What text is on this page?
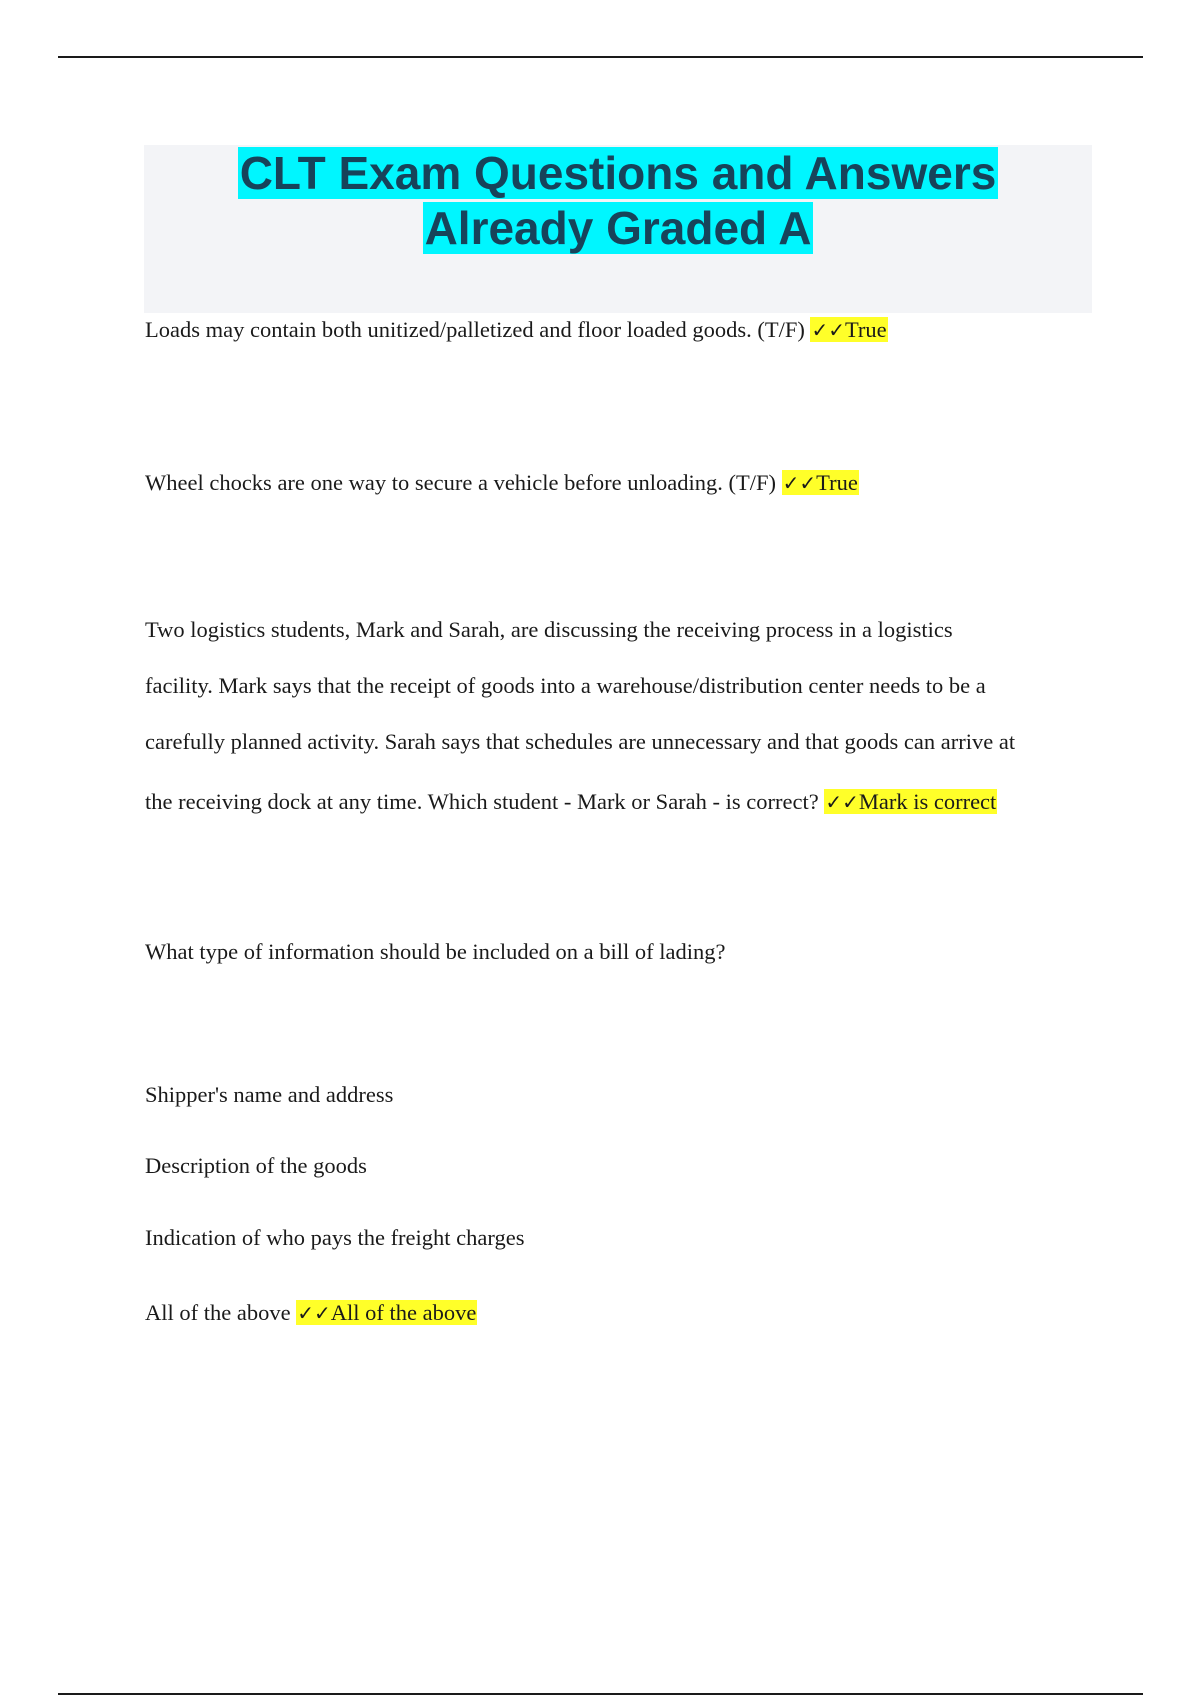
CLT Exam Questions and Answers
Already Graded A

Loads may contain both unitized/palletized and floor loaded goods. (T/F) ✓✓True

Wheel chocks are one way to secure a vehicle before unloading. (T/F) ✓✓True

Two logistics students, Mark and Sarah, are discussing the receiving process in a logistics

facility. Mark says that the receipt of goods into a warehouse/distribution center needs to be a

carefully planned activity. Sarah says that schedules are unnecessary and that goods can arrive at

the receiving dock at any time. Which student - Mark or Sarah - is correct? ✓✓Mark is correct

What type of information should be included on a bill of lading?

Shipper's name and address

Description of the goods

Indication of who pays the freight charges

All of the above ✓✓All of the above
